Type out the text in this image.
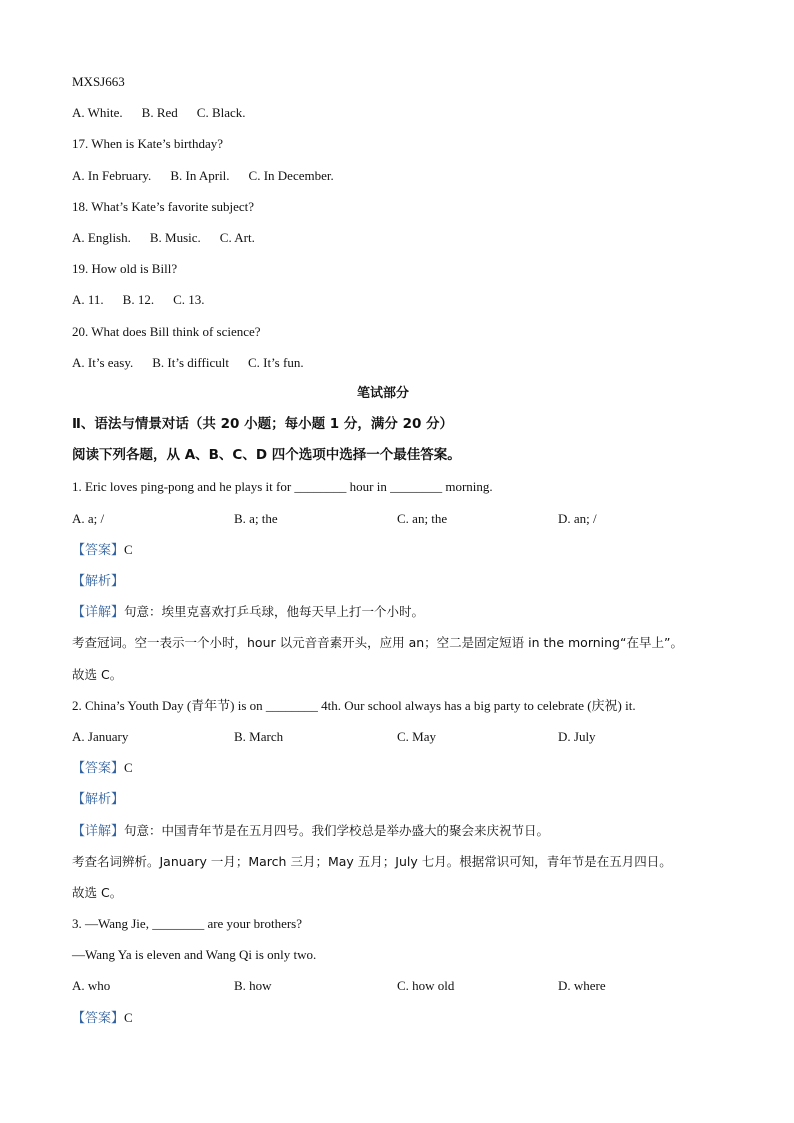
MXSJ663
A. White. B. Red C. Black.
17. When is Kate’s birthday?
A. In February. B. In April. C. In December.
18. What’s Kate’s favorite subject?
A. English. B. Music. C. Art.
19. How old is Bill?
A. 11. B. 12. C. 13.
20. What does Bill think of science?
A. It’s easy. B. It’s difficult C. It’s fun.
笔试部分
Ⅱ、语法与情景对话（共 20 小题；每小题 1 分，满分 20 分）
阅读下列各题，从 A、B、C、D 四个选项中选择一个最佳答案。
1. Eric loves ping-pong and he plays it for ________ hour in ________ morning.
A. a; /	B. a; the	C. an; the	D. an; /
【答案】C
【解析】
【详解】句意：埃里克喜欢打乒乓球，他每天早上打一个小时。
考查冠词。空一表示一个小时，hour 以元音音素开头，应用 an；空二是固定短语 in the morning“在早上”。
故选 C。
2. China’s Youth Day (青年节) is on ________ 4th. Our school always has a big party to celebrate (庆祝) it.
A. January	B. March	C. May	D. July
【答案】C
【解析】
【详解】句意：中国青年节是在五月四号。我们学校总是举办盛大的聚会来庆祝节日。
考查名词辨析。January 一月；March 三月；May 五月；July 七月。根据常识可知，青年节是在五月四日。
故选 C。
3. —Wang Jie, ________ are your brothers?
—Wang Ya is eleven and Wang Qi is only two.
A. who	B. how	C. how old	D. where
【答案】C
